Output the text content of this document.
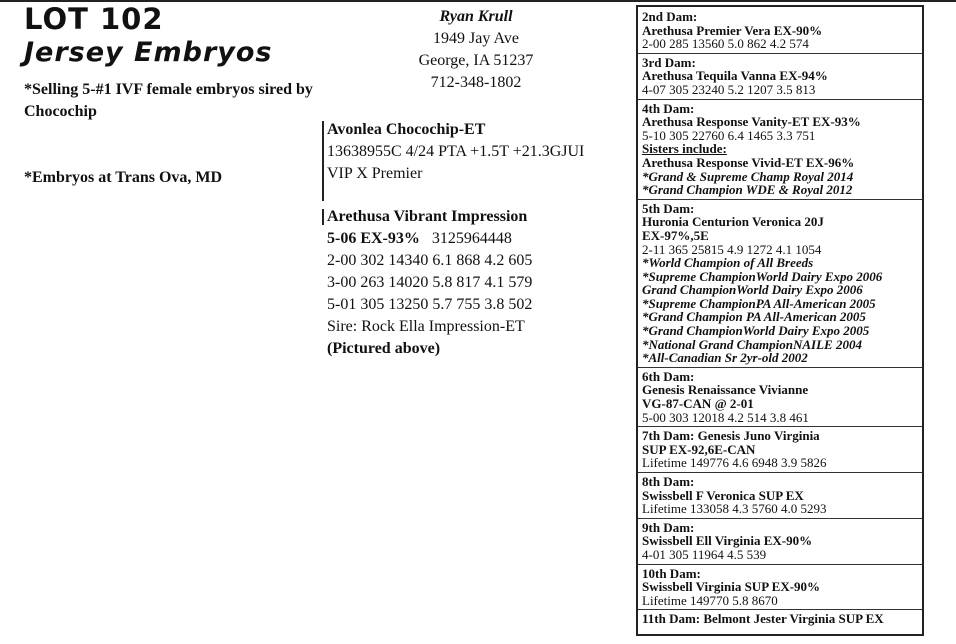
LOT 102
Jersey Embryos
*Selling 5-#1 IVF female embryos sired by Chocochip
*Embryos at Trans Ova, MD
Ryan Krull
1949 Jay Ave
George, IA 51237
712-348-1802
Avonlea Chocochip-ET
13638955C 4/24 PTA +1.5T +21.3GJUI
VIP X Premier
Arethusa Vibrant Impression
5-06 EX-93% 3125964448
2-00 302 14340 6.1 868 4.2 605
3-00 263 14020 5.8 817 4.1 579
5-01 305 13250 5.7 755 3.8 502
Sire: Rock Ella Impression-ET
(Pictured above)
2nd Dam:
Arethusa Premier Vera EX-90%
2-00 285 13560 5.0 862 4.2 574
3rd Dam:
Arethusa Tequila Vanna EX-94%
4-07 305 23240 5.2 1207 3.5 813
4th Dam:
Arethusa Response Vanity-ET EX-93%
5-10 305 22760 6.4 1465 3.3 751
Sisters include:
Arethusa Response Vivid-ET EX-96%
*Grand & Supreme Champ Royal 2014
*Grand Champion WDE & Royal 2012
5th Dam:
Huronia Centurion Veronica 20J
EX-97%,5E
2-11 365 25815 4.9 1272 4.1 1054
*World Champion of All Breeds
*Supreme ChampionWorld Dairy Expo 2006
Grand ChampionWorld Dairy Expo 2006
*Supreme ChampionPA All-American 2005
*Grand Champion PA All-American 2005
*Grand ChampionWorld Dairy Expo 2005
*National Grand ChampionNAILE 2004
*All-Canadian Sr 2yr-old 2002
6th Dam:
Genesis Renaissance Vivianne
VG-87-CAN @ 2-01
5-00 303 12018 4.2 514 3.8 461
7th Dam: Genesis Juno Virginia
SUP EX-92,6E-CAN
Lifetime 149776 4.6 6948 3.9 5826
8th Dam:
Swissbell F Veronica SUP EX
Lifetime 133058 4.3 5760 4.0 5293
9th Dam:
Swissbell Ell Virginia EX-90%
4-01 305 11964 4.5 539
10th Dam:
Swissbell Virginia SUP EX-90%
Lifetime 149770 5.8 8670
11th Dam: Belmont Jester Virginia SUP EX
